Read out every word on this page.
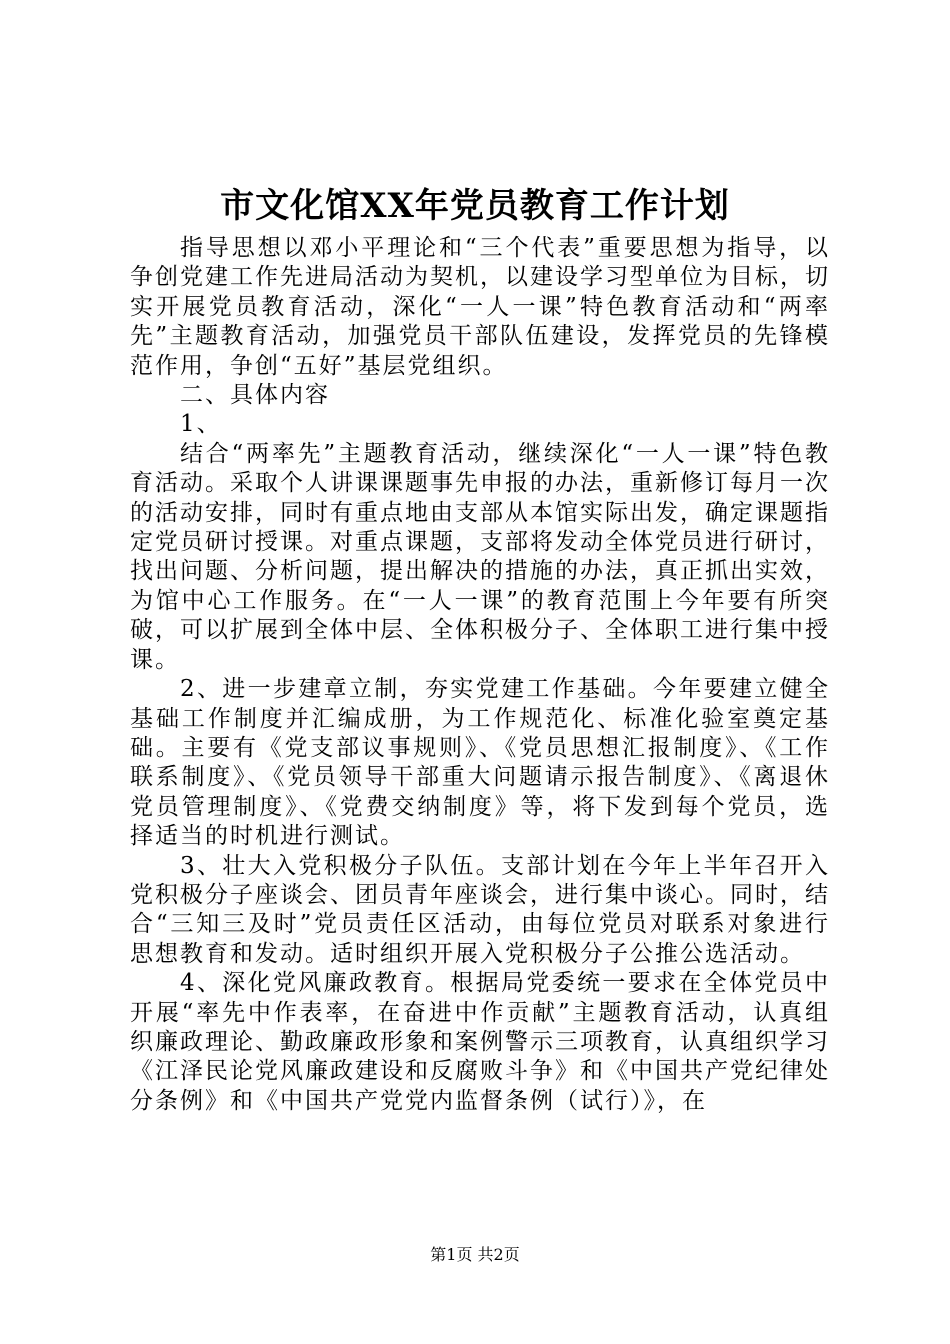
市文化馆XX年党员教育工作计划

指导思想以邓小平理论和“三个代表”重要思想为指导，以争创党建工作先进局活动为契机，以建设学习型单位为目标，切实开展党员教育活动，深化“一人一课”特色教育活动和“两率先”主题教育活动，加强党员干部队伍建设，发挥党员的先锋模范作用，争创“五好”基层党组织。

二、具体内容

1、

结合“两率先”主题教育活动，继续深化“一人一课”特色教育活动。采取个人讲课课题事先申报的办法，重新修订每月一次的活动安排，同时有重点地由支部从本馆实际出发，确定课题指定党员研讨授课。对重点课题，支部将发动全体党员进行研讨，找出问题、分析问题，提出解决的措施的办法，真正抓出实效，为馆中心工作服务。在“一人一课”的教育范围上今年要有所突破，可以扩展到全体中层、全体积极分子、全体职工进行集中授课。

2、进一步建章立制，夯实党建工作基础。今年要建立健全基础工作制度并汇编成册，为工作规范化、标准化验室奠定基础。主要有《党支部议事规则》、《党员思想汇报制度》、《工作联系制度》、《党员领导干部重大问题请示报告制度》、《离退休党员管理制度》、《党费交纳制度》等，将下发到每个党员，选择适当的时机进行测试。

3、壮大入党积极分子队伍。支部计划在今年上半年召开入党积极分子座谈会、团员青年座谈会，进行集中谈心。同时，结合“三知三及时”党员责任区活动，由每位党员对联系对象进行思想教育和发动。适时组织开展入党积极分子公推公选活动。

4、深化党风廉政教育。根据局党委统一要求在全体党员中开展“率先中作表率，在奋进中作贡献”主题教育活动，认真组织廉政理论、勤政廉政形象和案例警示三项教育，认真组织学习《江泽民论党风廉政建设和反腐败斗争》和《中国共产党纪律处分条例》和《中国共产党党内监督条例（试行）》，在

第1页 共2页
